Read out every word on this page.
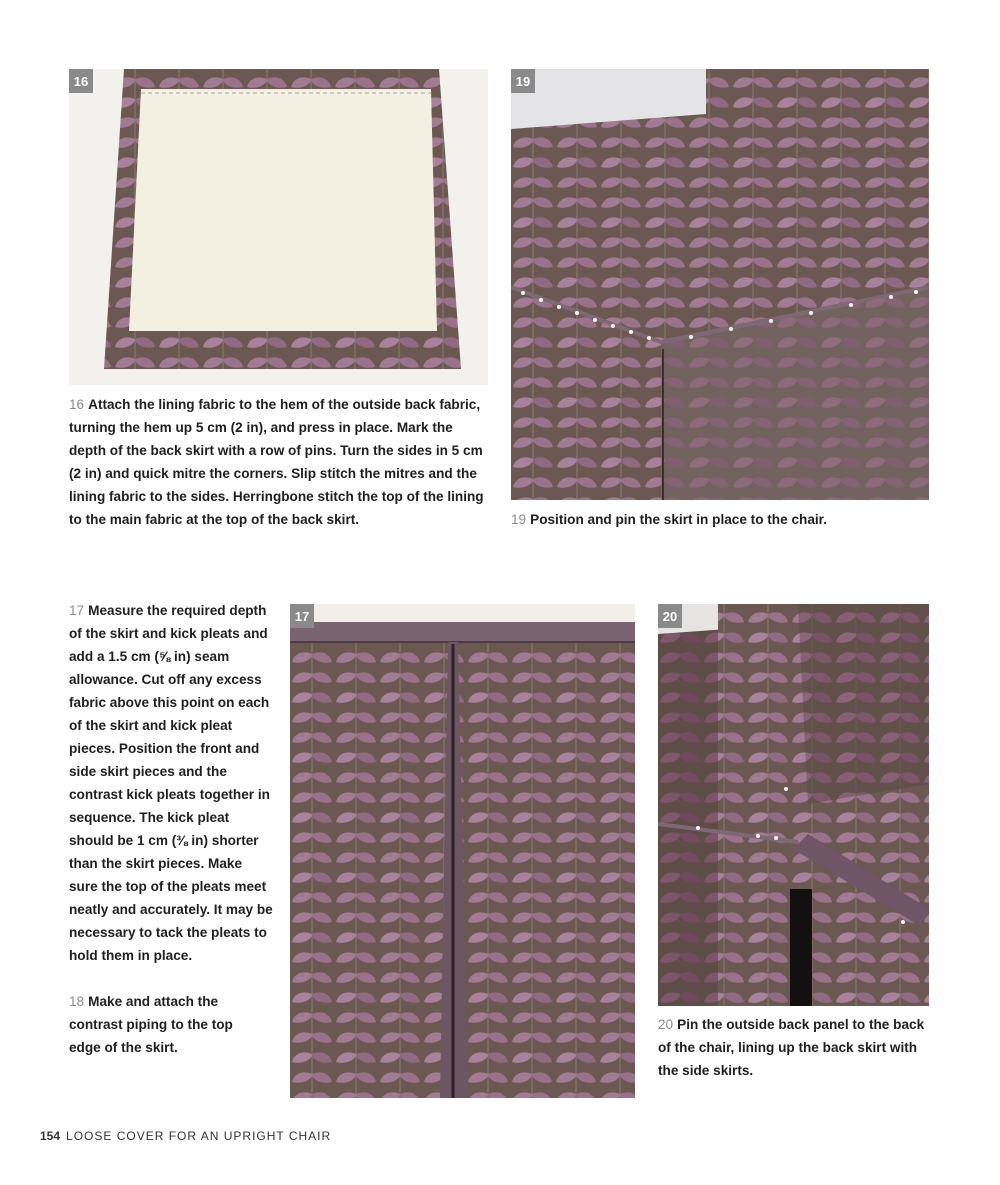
16	19
17	20
16 Attach the lining fabric to the hem of the outside back fabric, turning the hem up 5 cm (2 in), and press in place. Mark the depth of the back skirt with a row of pins. Turn the sides in 5 cm (2 in) and quick mitre the corners. Slip stitch the mitres and the lining fabric to the sides. Herringbone stitch the top of the lining to the main fabric at the top of the back skirt.	19 Position and pin the skirt in place to the chair.
17 Measure the required depth of the skirt and kick pleats and add a 1.5 cm (⅝ in) seam allowance. Cut off any excess fabric above this point on each of the skirt and kick pleat pieces. Position the front and side skirt pieces and the contrast kick pleats together in sequence. The kick pleat should be 1 cm (⅜ in) shorter than the skirt pieces. Make sure the top of the pleats meet neatly and accurately. It may be necessary to tack the pleats to hold them in place.
18 Make and attach the contrast piping to the top edge of the skirt.
20 Pin the outside back panel to the back of the chair, lining up the back skirt with the side skirts.
154 LOOSE COVER FOR AN UPRIGHT CHAIR
